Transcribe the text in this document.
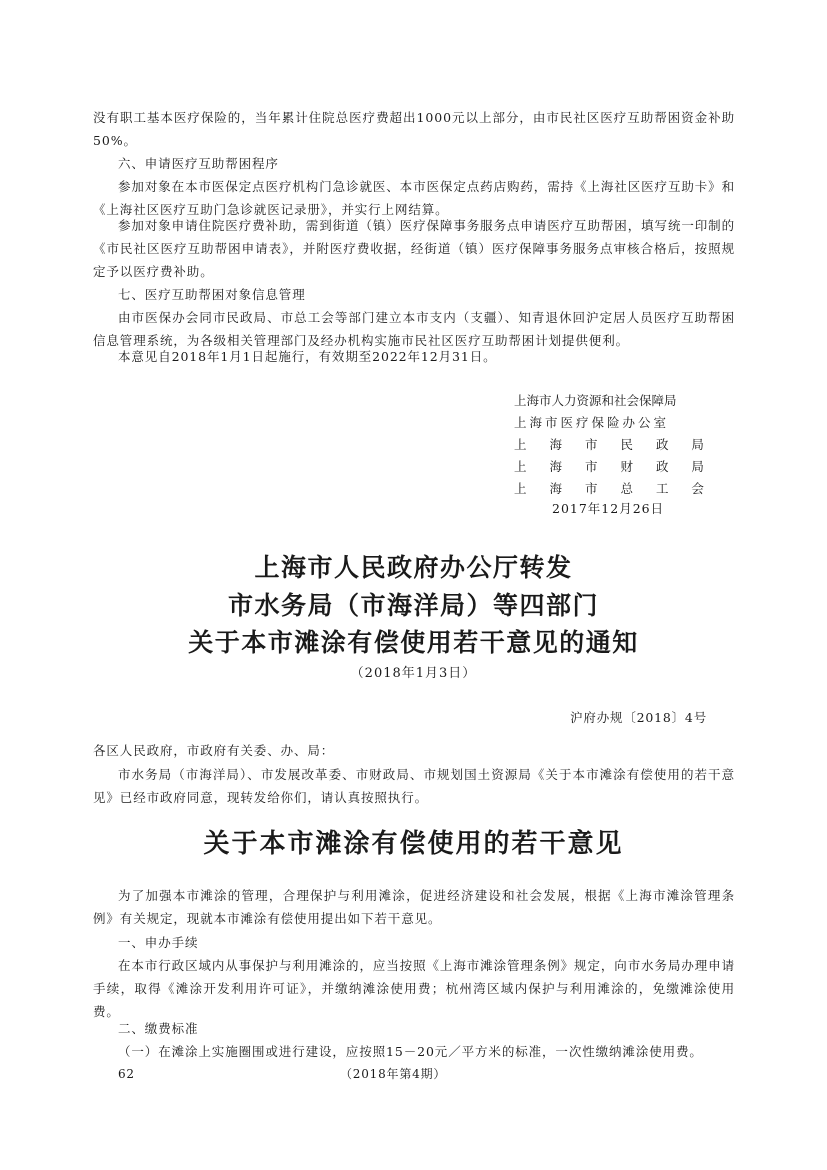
没有职工基本医疗保险的，当年累计住院总医疗费超出1000元以上部分，由市民社区医疗互助帮困资金补助50%。

六、申请医疗互助帮困程序

参加对象在本市医保定点医疗机构门急诊就医、本市医保定点药店购药，需持《上海社区医疗互助卡》和《上海社区医疗互助门急诊就医记录册》，并实行上网结算。

参加对象申请住院医疗费补助，需到街道（镇）医疗保障事务服务点申请医疗互助帮困，填写统一印制的《市民社区医疗互助帮困申请表》，并附医疗费收据，经街道（镇）医疗保障事务服务点审核合格后，按照规定予以医疗费补助。

七、医疗互助帮困对象信息管理

由市医保办会同市民政局、市总工会等部门建立本市支内（支疆）、知青退休回沪定居人员医疗互助帮困信息管理系统，为各级相关管理部门及经办机构实施市民社区医疗互助帮困计划提供便利。

本意见自2018年1月1日起施行，有效期至2022年12月31日。

上海市人力资源和社会保障局

上海市医疗保险办公室

上 海 市 民 政 局

上 海 市 财 政 局

上 海 市 总 工 会

2017年12月26日

上海市人民政府办公厅转发

市水务局（市海洋局）等四部门

关于本市滩涂有偿使用若干意见的通知

（2018年1月3日）

沪府办规〔2018〕4号

各区人民政府，市政府有关委、办、局：

市水务局（市海洋局）、市发展改革委、市财政局、市规划国土资源局《关于本市滩涂有偿使用的若干意见》已经市政府同意，现转发给你们，请认真按照执行。

关于本市滩涂有偿使用的若干意见

为了加强本市滩涂的管理，合理保护与利用滩涂，促进经济建设和社会发展，根据《上海市滩涂管理条例》有关规定，现就本市滩涂有偿使用提出如下若干意见。

一、申办手续

在本市行政区域内从事保护与利用滩涂的，应当按照《上海市滩涂管理条例》规定，向市水务局办理申请手续，取得《滩涂开发利用许可证》，并缴纳滩涂使用费；杭州湾区域内保护与利用滩涂的，免缴滩涂使用费。

二、缴费标准

（一）在滩涂上实施圈围或进行建设，应按照15－20元／平方米的标准，一次性缴纳滩涂使用费。

62	（2018年第4期）
